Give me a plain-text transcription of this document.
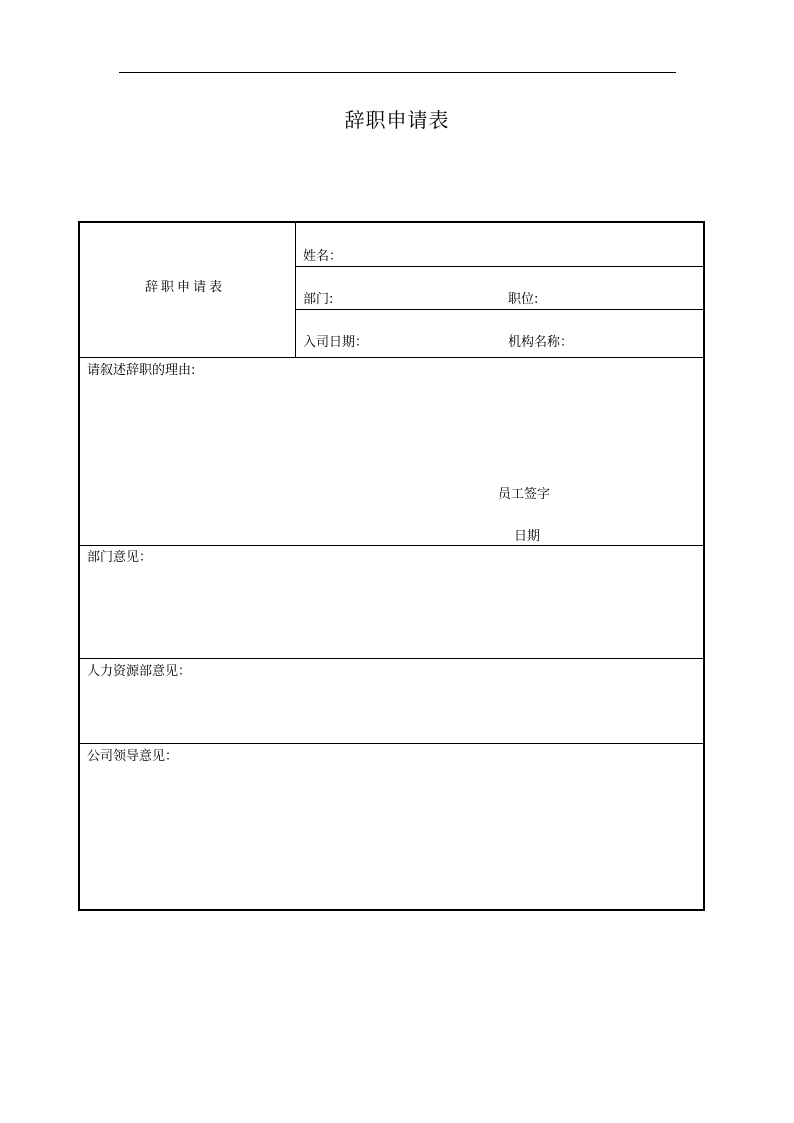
辞职申请表
辞职申请表
姓名：
部门:	职位:
入司日期：	机构名称：
请叙述辞职的理由:
员工签字
日期
部门意见：
人力资源部意见：
公司领导意见：
